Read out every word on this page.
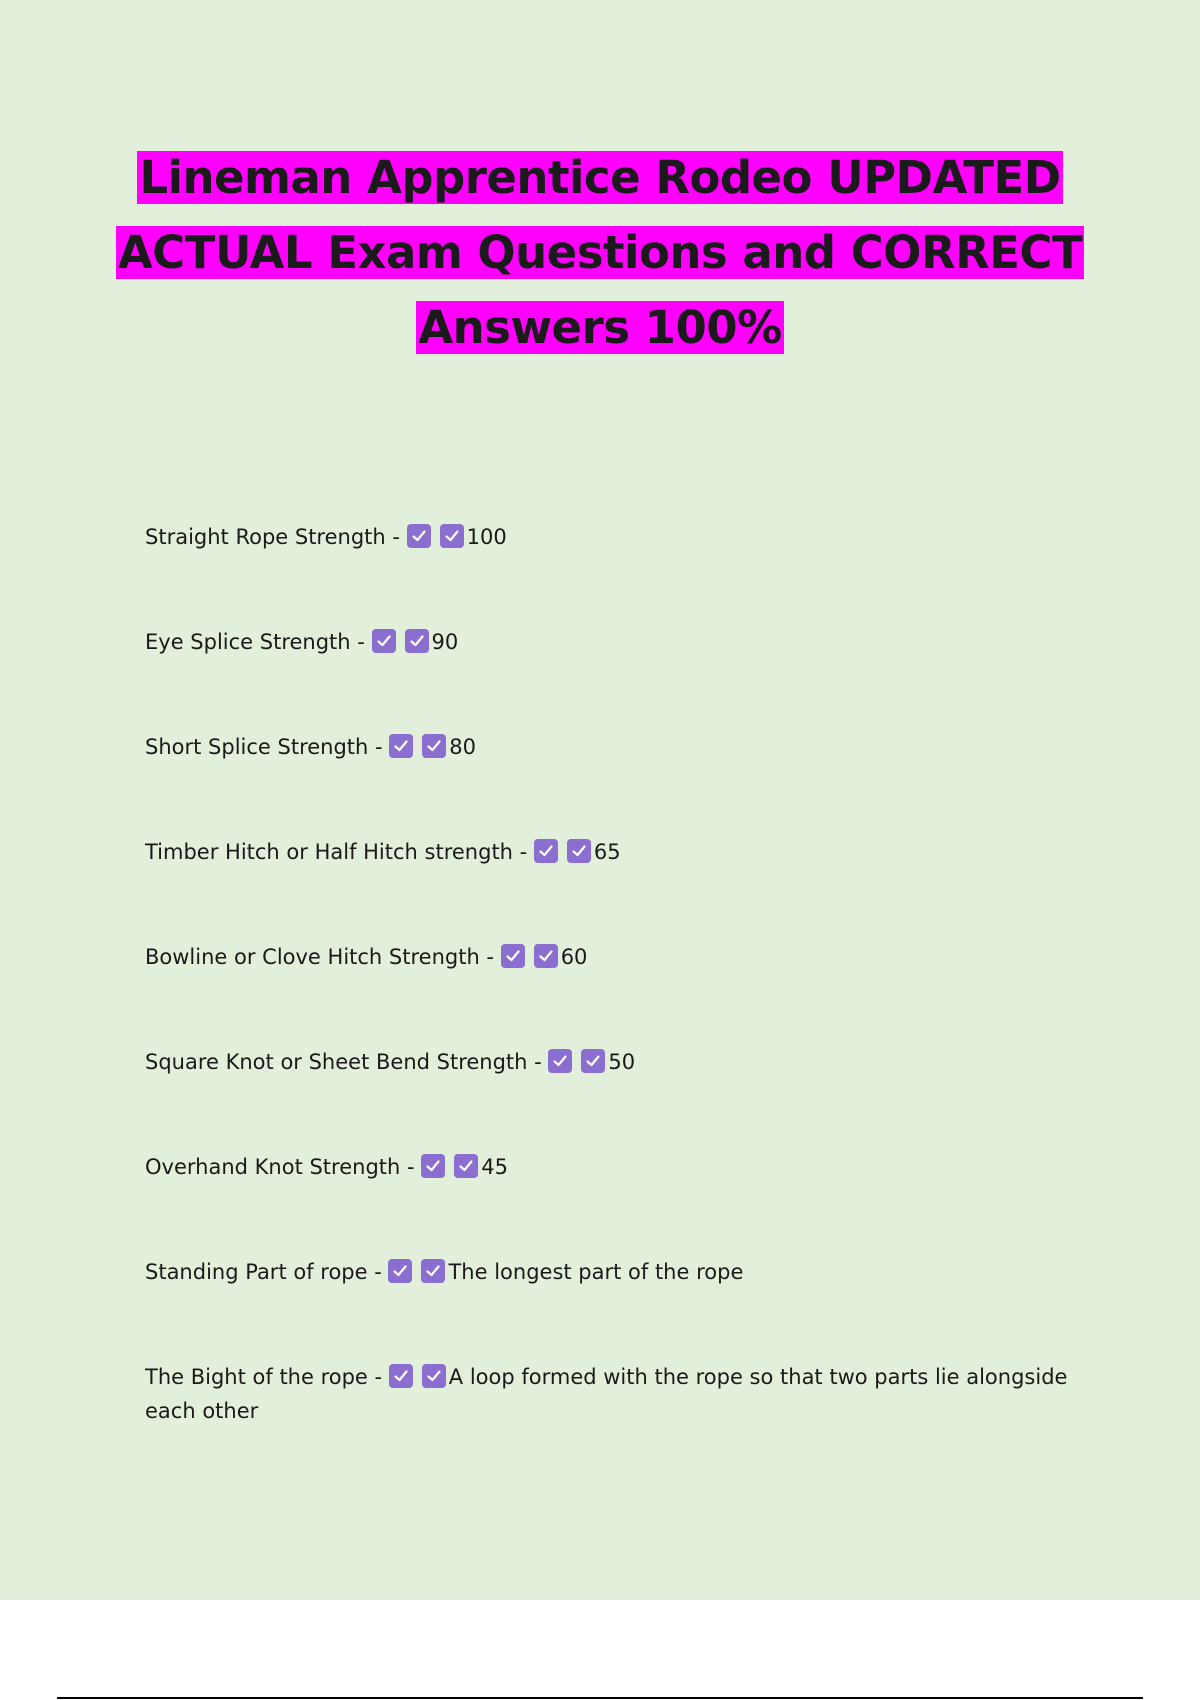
Lineman Apprentice Rodeo UPDATED
ACTUAL Exam Questions and CORRECT
Answers 100%
Straight Rope Strength -	100
Eye Splice Strength -	90
Short Splice Strength -	80
Timber Hitch or Half Hitch strength -	65
Bowline or Clove Hitch Strength -	60
Square Knot or Sheet Bend Strength -	50
Overhand Knot Strength -	45
Standing Part of rope -	The longest part of the rope
The Bight of the rope -	A loop formed with the rope so that two parts lie alongside each other
